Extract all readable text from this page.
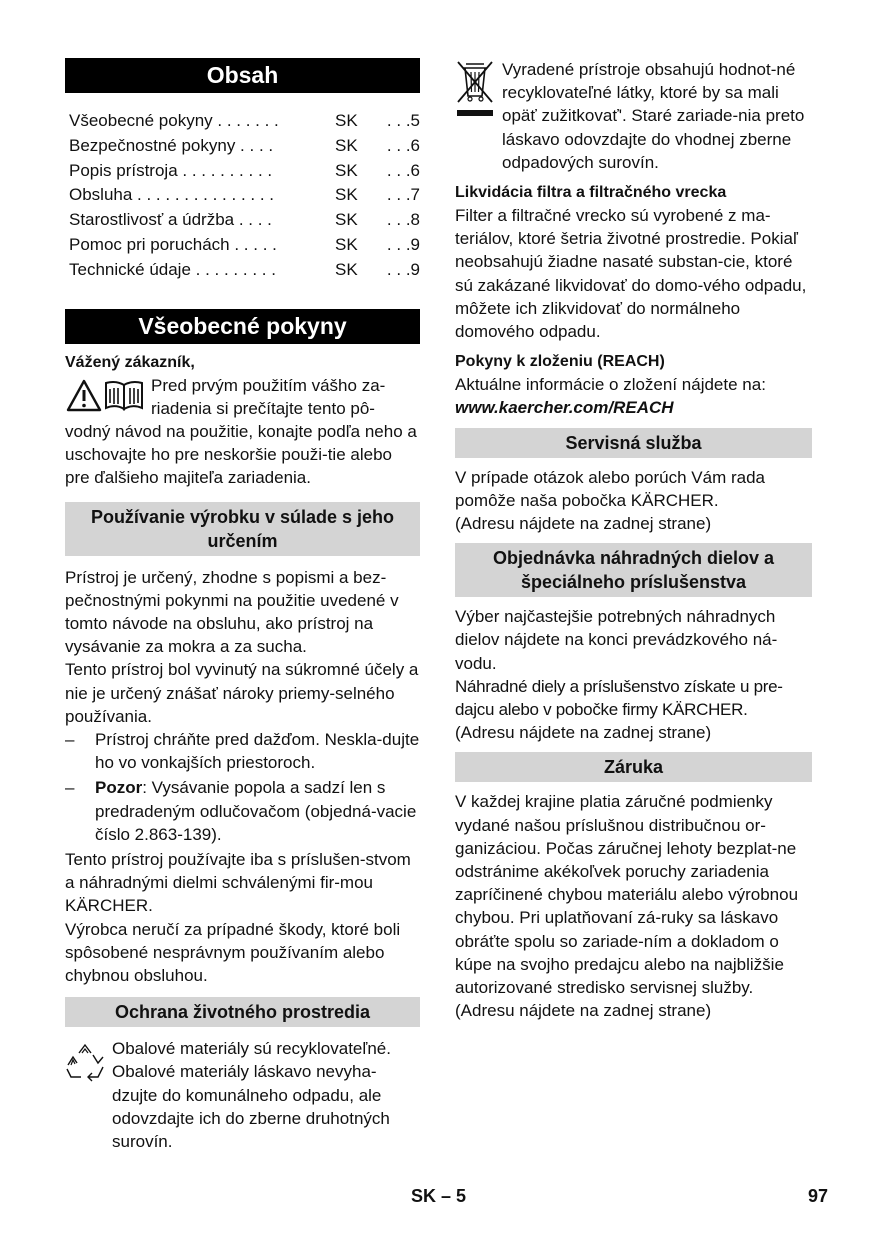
Obsah
Všeobecné pokyny . . . . . . .	SK	. . .5
Bezpečnostné pokyny . . . .	SK	. . .6
Popis prístroja . . . . . . . . . .	SK	. . .6
Obsluha . . . . . . . . . . . . . . .	SK	. . .7
Starostlivosť a údržba . . . .	SK	. . .8
Pomoc pri poruchách . . . . .	SK	. . .9
Technické údaje . . . . . . . . .	SK	. . .9
Všeobecné pokyny

Vážený zákazník,

Pred prvým použitím vášho za-

riadenia si prečítajte tento pô-

vodný návod na použitie, konajte podľa neho a uschovajte ho pre neskoršie použi-tie alebo pre ďalšieho majiteľa zariadenia.

Používanie výrobku v súlade s jeho určením

Prístroj je určený, zhodne s popismi a bez-pečnostnými pokynmi na použitie uvedené v tomto návode na obsluhu, ako prístroj na vysávanie za mokra a za sucha.

Tento prístroj bol vyvinutý na súkromné účely a nie je určený znášať nároky priemy-selného používania.

–	Prístroj chráňte pred dažďom. Neskla-dujte ho vo vonkajších priestoroch.
–	Pozor: Vysávanie popola a sadzí len s predradeným odlučovačom (objedná-vacie číslo 2.863-139).

Tento prístroj používajte iba s príslušen-stvom a náhradnými dielmi schválenými fir-mou KÄRCHER.

Výrobca neručí za prípadné škody, ktoré boli spôsobené nesprávnym používaním alebo chybnou obsluhou.

Ochrana životného prostredia

Obalové materiály sú recyklovateľné. Obalové materiály láskavo nevyha-dzujte do komunálneho odpadu, ale odovzdajte ich do zberne druhotných surovín.

Vyradené prístroje obsahujú hodnot-né recyklovateľné látky, ktoré by sa mali opäť zužitkovať'. Staré zariade-nia preto láskavo odovzdajte do vhodnej zberne odpadových surovín.

Likvidácia filtra a filtračného vrecka

Filter a filtračné vrecko sú vyrobené z ma-teriálov, ktoré šetria životné prostredie. Pokiaľ neobsahujú žiadne nasaté substan-cie, ktoré sú zakázané likvidovať do domo-vého odpadu, môžete ich zlikvidovať do normálneho domového odpadu.

Pokyny k zloženiu (REACH)

Aktuálne informácie o zložení nájdete na:

www.kaercher.com/REACH

Servisná služba

V prípade otázok alebo porúch Vám rada pomôže naša pobočka KÄRCHER.

(Adresu nájdete na zadnej strane)

Objednávka náhradných dielov a špeciálneho príslušenstva

Výber najčastejšie potrebných náhradnych dielov nájdete na konci prevádzkového ná-vodu.

Náhradné diely a príslušenstvo získate u pre-dajcu alebo v pobočke firmy KÄRCHER.

(Adresu nájdete na zadnej strane)

Záruka

V každej krajine platia záručné podmienky vydané našou príslušnou distribučnou or-ganizáciou. Počas záručnej lehoty bezplat-ne odstránime akékoľvek poruchy zariadenia zapríčinené chybou materiálu alebo výrobnou chybou. Pri uplatňovaní zá-ruky sa láskavo obráťte spolu so zariade-ním a dokladom o kúpe na svojho predajcu alebo na najbližšie autorizované stredisko servisnej služby.

(Adresu nájdete na zadnej strane)

SK – 5	97
